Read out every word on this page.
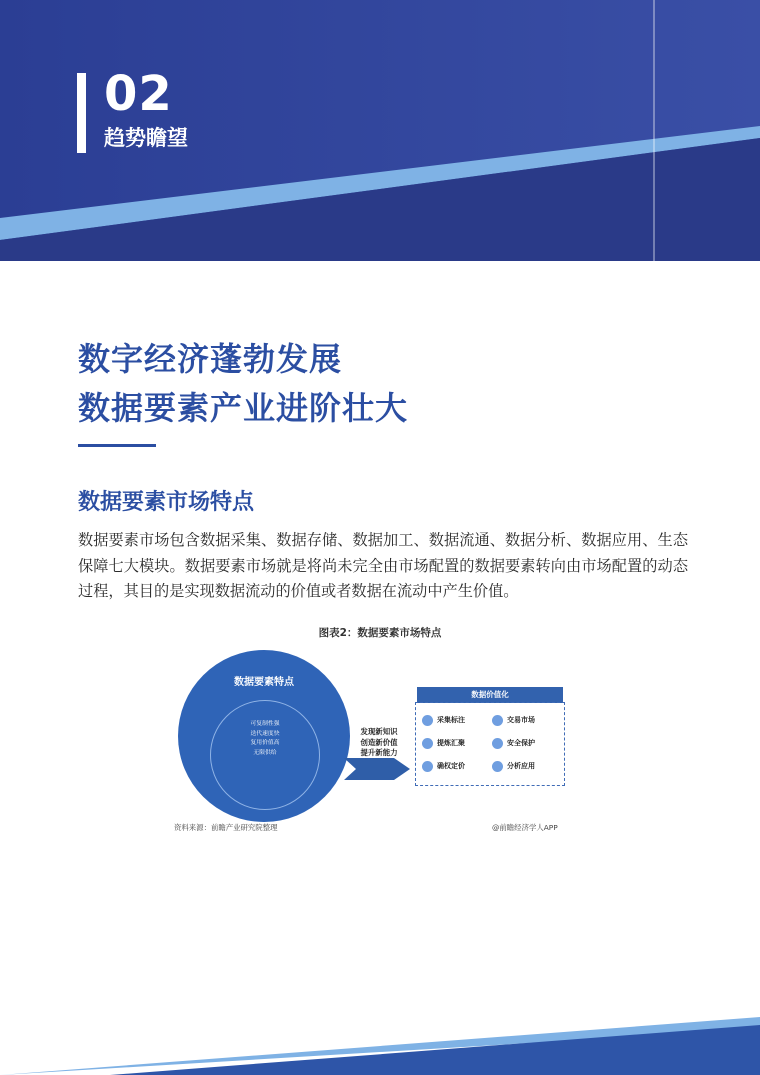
02
趋势瞻望
数字经济蓬勃发展
数据要素产业进阶壮大
数据要素市场特点

数据要素市场包含数据采集、数据存储、数据加工、数据流通、数据分析、数据应用、生态保障七大模块。数据要素市场就是将尚未完全由市场配置的数据要素转向由市场配置的动态过程，其目的是实现数据流动的价值或者数据在流动中产生价值。

图表2：数据要素市场特点
数据要素特点
可复制性强
迭代速度快
复用价值高
无限供给
发现新知识
创造新价值
提升新能力
数据价值化
采集标注	交易市场
提炼汇聚	安全保护
确权定价	分析应用
资料来源：前瞻产业研究院整理	@前瞻经济学人APP
